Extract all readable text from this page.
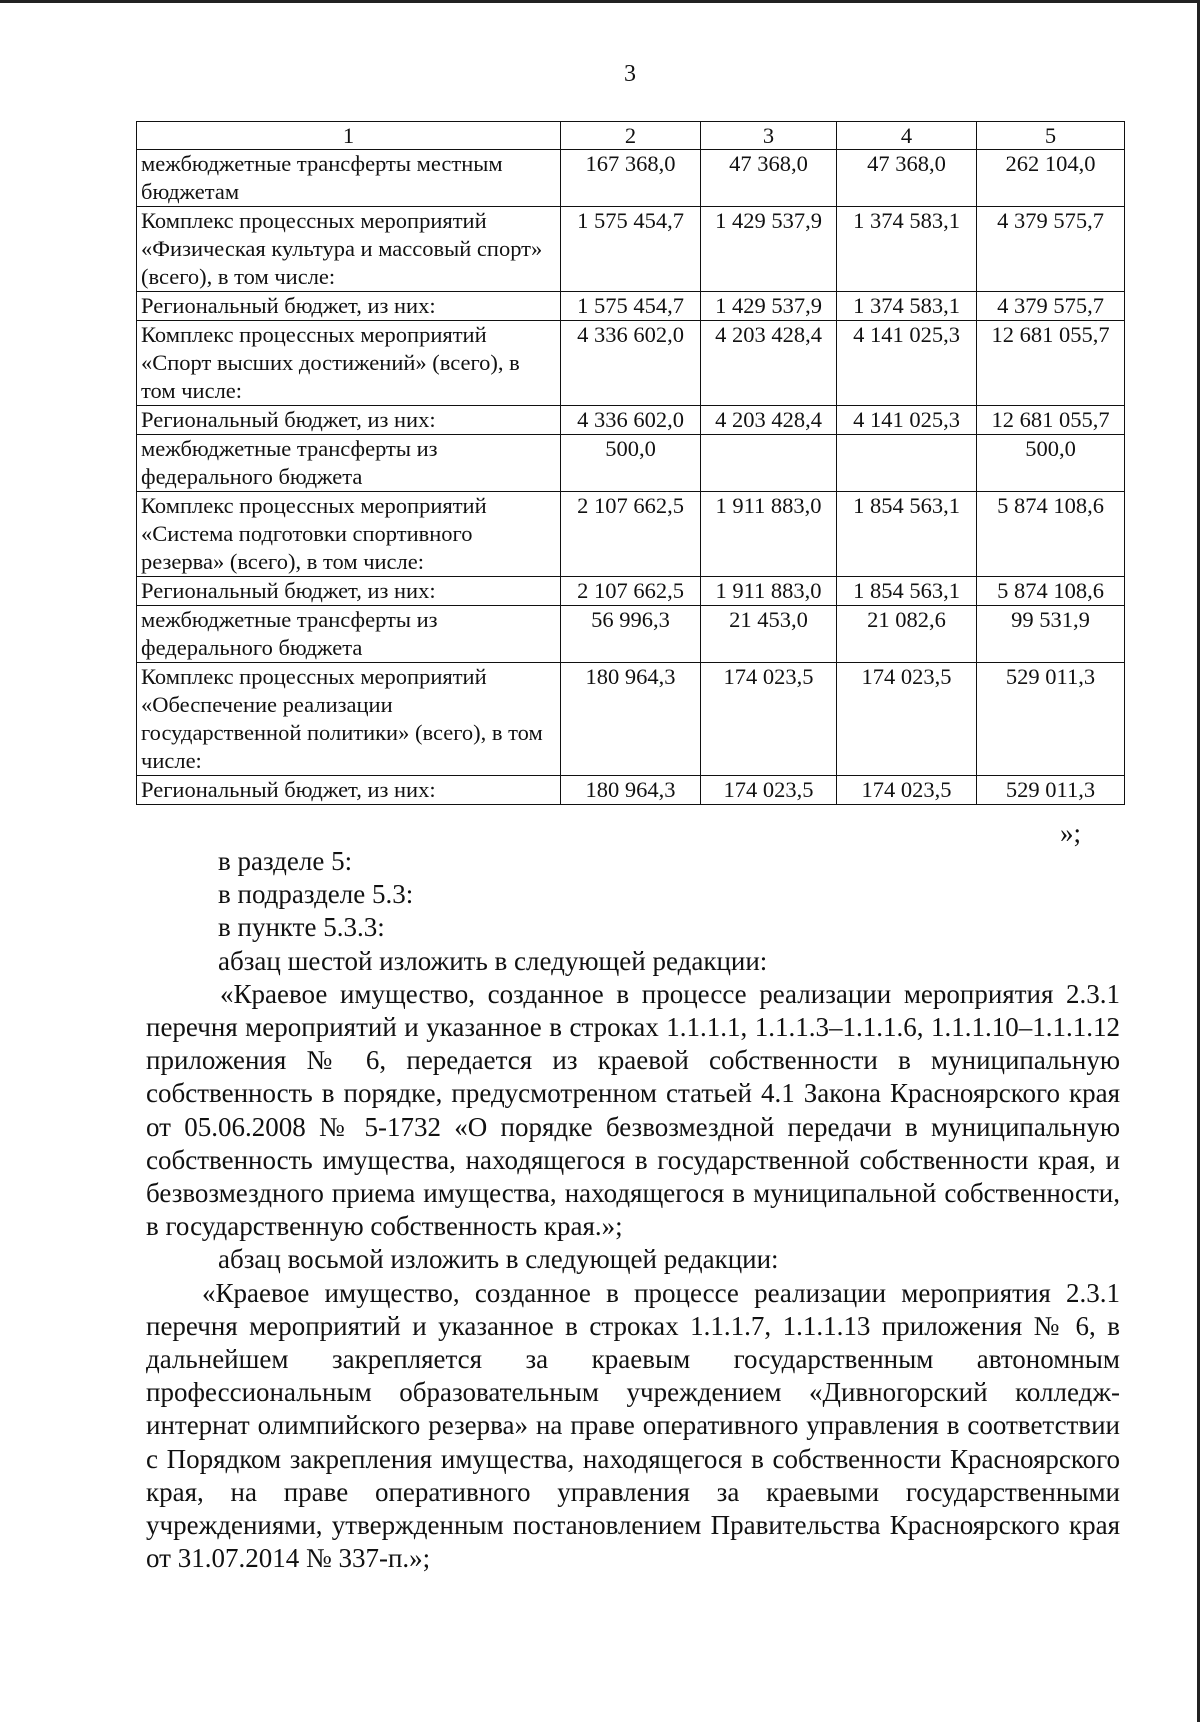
3
1	2	3	4	5
межбюджетные трансферты местным бюджетам	167 368,0	47 368,0	47 368,0	262 104,0
Комплекс процессных мероприятий «Физическая культура и массовый спорт» (всего), в том числе:	1 575 454,7	1 429 537,9	1 374 583,1	4 379 575,7
Региональный бюджет, из них:	1 575 454,7	1 429 537,9	1 374 583,1	4 379 575,7
Комплекс процессных мероприятий «Спорт высших достижений» (всего), в том числе:	4 336 602,0	4 203 428,4	4 141 025,3	12 681 055,7
Региональный бюджет, из них:	4 336 602,0	4 203 428,4	4 141 025,3	12 681 055,7
межбюджетные трансферты из федерального бюджета	500,0			500,0
Комплекс процессных мероприятий «Система подготовки спортивного резерва» (всего), в том числе:	2 107 662,5	1 911 883,0	1 854 563,1	5 874 108,6
Региональный бюджет, из них:	2 107 662,5	1 911 883,0	1 854 563,1	5 874 108,6
межбюджетные трансферты из федерального бюджета	56 996,3	21 453,0	21 082,6	99 531,9
Комплекс процессных мероприятий «Обеспечение реализации государственной политики» (всего), в том числе:	180 964,3	174 023,5	174 023,5	529 011,3
Региональный бюджет, из них:	180 964,3	174 023,5	174 023,5	529 011,3
»;

в разделе 5:

в подразделе 5.3:

в пункте 5.3.3:

абзац шестой изложить в следующей редакции:

«Краевое имущество, созданное в процессе реализации мероприятия 2.3.1 перечня мероприятий и указанное в строках 1.1.1.1, 1.1.1.3–1.1.1.6, 1.1.1.10–1.1.1.12 приложения № 6, передается из краевой собственности в муниципальную собственность в порядке, предусмотренном статьей 4.1 Закона Красноярского края от 05.06.2008 № 5-1732 «О порядке безвозмездной передачи в муниципальную собственность имущества, находящегося в государственной собственности края, и безвозмездного приема имущества, находящегося в муниципальной собственности, в государственную собственность края.»;

абзац восьмой изложить в следующей редакции:

«Краевое имущество, созданное в процессе реализации мероприятия 2.3.1 перечня мероприятий и указанное в строках 1.1.1.7, 1.1.1.13 приложения № 6, в дальнейшем закрепляется за краевым государственным автономным профессиональным образовательным учреждением «Дивногорский колледж-интернат олимпийского резерва» на праве оперативного управления в соответствии с Порядком закрепления имущества, находящегося в собственности Красноярского края, на праве оперативного управления за краевыми государственными учреждениями, утвержденным постановлением Правительства Красноярского края от 31.07.2014 № 337-п.»;
